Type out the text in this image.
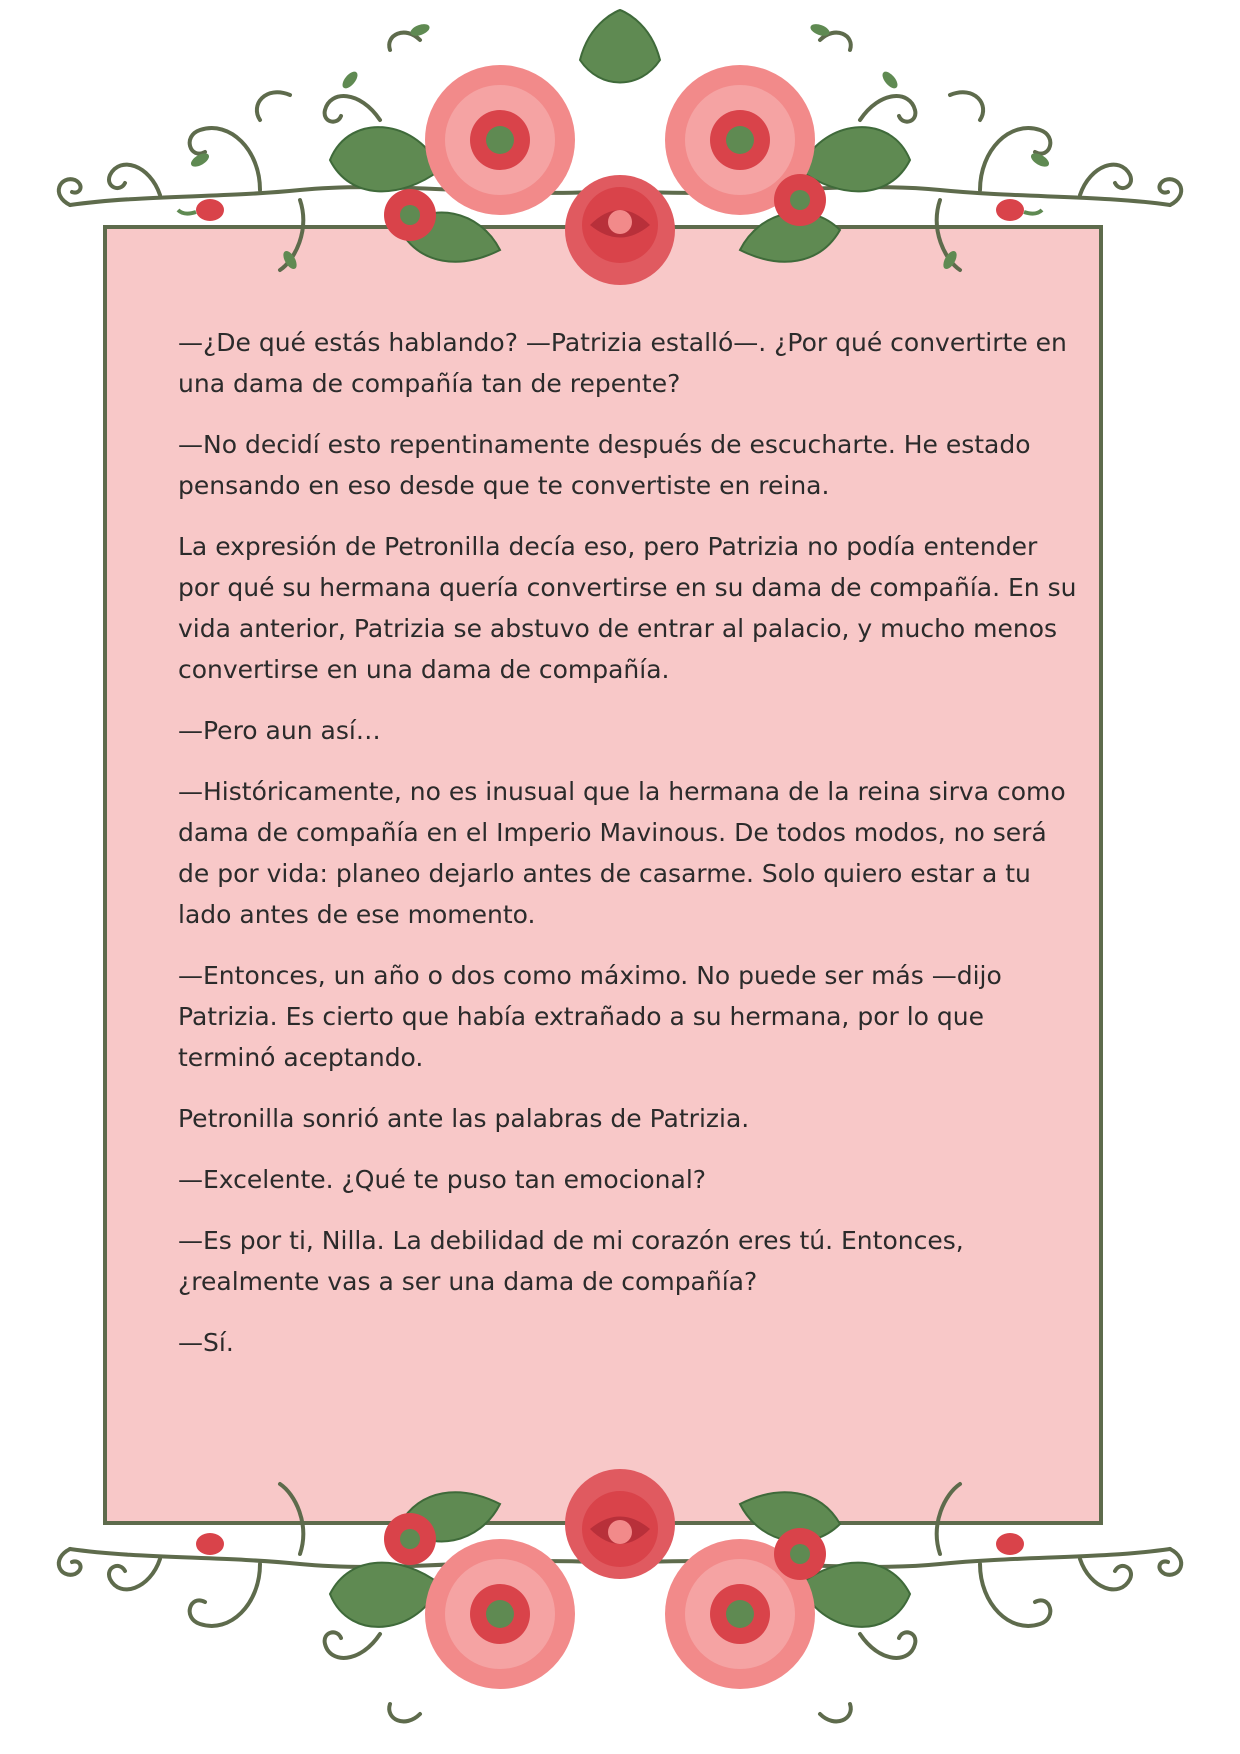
—¿De qué estás hablando? —Patrizia estalló—. ¿Por qué convertirte en una dama de compañía tan de repente?

—No decidí esto repentinamente después de escucharte. He estado pensando en eso desde que te convertiste en reina.

La expresión de Petronilla decía eso, pero Patrizia no podía entender por qué su hermana quería convertirse en su dama de compañía. En su vida anterior, Patrizia se abstuvo de entrar al palacio, y mucho menos convertirse en una dama de compañía.

—Pero aun así…

—Históricamente, no es inusual que la hermana de la reina sirva como dama de compañía en el Imperio Mavinous. De todos modos, no será de por vida: planeo dejarlo antes de casarme. Solo quiero estar a tu lado antes de ese momento.

—Entonces, un año o dos como máximo. No puede ser más —dijo Patrizia. Es cierto que había extrañado a su hermana, por lo que terminó aceptando.

Petronilla sonrió ante las palabras de Patrizia.

—Excelente. ¿Qué te puso tan emocional?

—Es por ti, Nilla. La debilidad de mi corazón eres tú. Entonces, ¿realmente vas a ser una dama de compañía?

—Sí.
